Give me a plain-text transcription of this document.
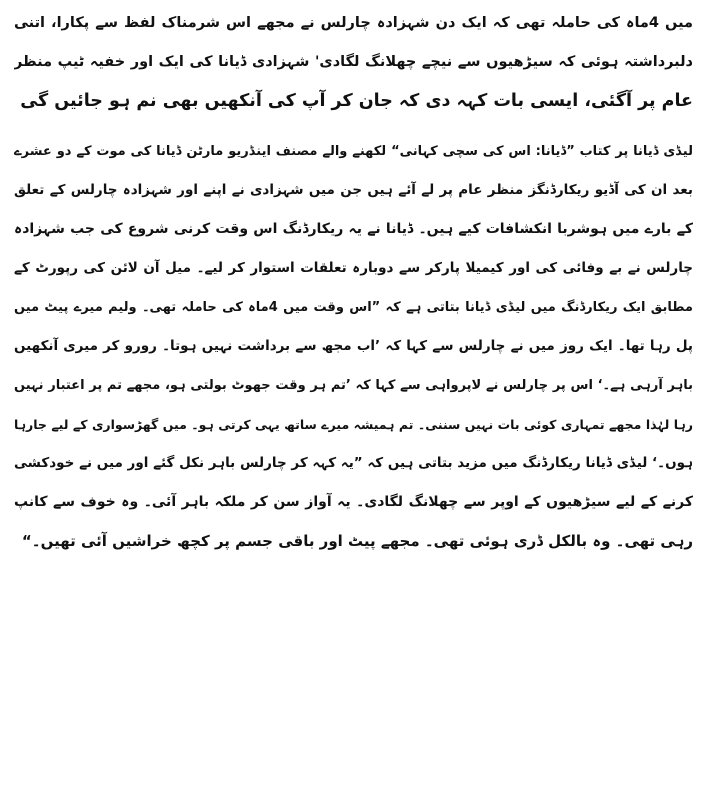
میں 4ماہ کی حاملہ تھی کہ ایک دن شہزادہ چارلس نے مجھے اس شرمناک لفظ سے پکارا، اتنی
دلبرداشتہ ہوئی کہ سیڑھیوں سے نیچے چھلانگ لگادی' شہزادی ڈیانا کی ایک اور خفیہ ٹیپ منظر
عام پر آگئی، ایسی بات کہہ دی کہ جان کر آپ کی آنکھیں بھی نم ہو جائیں گی
لیڈی ڈیانا پر کتاب ”ڈیانا: اس کی سچی کہانی“ لکھنے والے مصنف اینڈریو مارٹن ڈیانا کی موت کے دو عشرے
بعد ان کی آڈیو ریکارڈنگز منظر عام پر لے آئے ہیں جن میں شہزادی نے اپنے اور شہزادہ چارلس کے تعلق
کے بارے میں ہوشربا انکشافات کیے ہیں۔ ڈیانا نے یہ ریکارڈنگ اس وقت کرنی شروع کی جب شہزادہ
چارلس نے بے وفائی کی اور کیمیلا پارکر سے دوبارہ تعلقات استوار کر لیے۔ میل آن لائن کی رپورٹ کے
مطابق ایک ریکارڈنگ میں لیڈی ڈیانا بتاتی ہے کہ ”اس وقت میں 4ماہ کی حاملہ تھی۔ ولیم میرے پیٹ میں
پل رہا تھا۔ ایک روز میں نے چارلس سے کہا کہ ’اب مجھ سے برداشت نہیں ہوتا۔ رورو کر میری آنکھیں
باہر آرہی ہے۔‘ اس پر چارلس نے لاپرواہی سے کہا کہ ’تم ہر وقت جھوٹ بولتی ہو، مجھے تم پر اعتبار نہیں
رہا لہٰذا مجھے تمہاری کوئی بات نہیں سننی۔ تم ہمیشہ میرے ساتھ یہی کرتی ہو۔ میں گھڑسواری کے لیے جارہا
ہوں۔‘ لیڈی ڈیانا ریکارڈنگ میں مزید بتاتی ہیں کہ ”یہ کہہ کر چارلس باہر نکل گئے اور میں نے خودکشی
کرنے کے لیے سیڑھیوں کے اوپر سے چھلانگ لگادی۔ یہ آواز سن کر ملکہ باہر آئی۔ وہ خوف سے کانپ
رہی تھی۔ وہ بالکل ڈری ہوئی تھی۔ مجھے پیٹ اور باقی جسم پر کچھ خراشیں آئی تھیں۔“
